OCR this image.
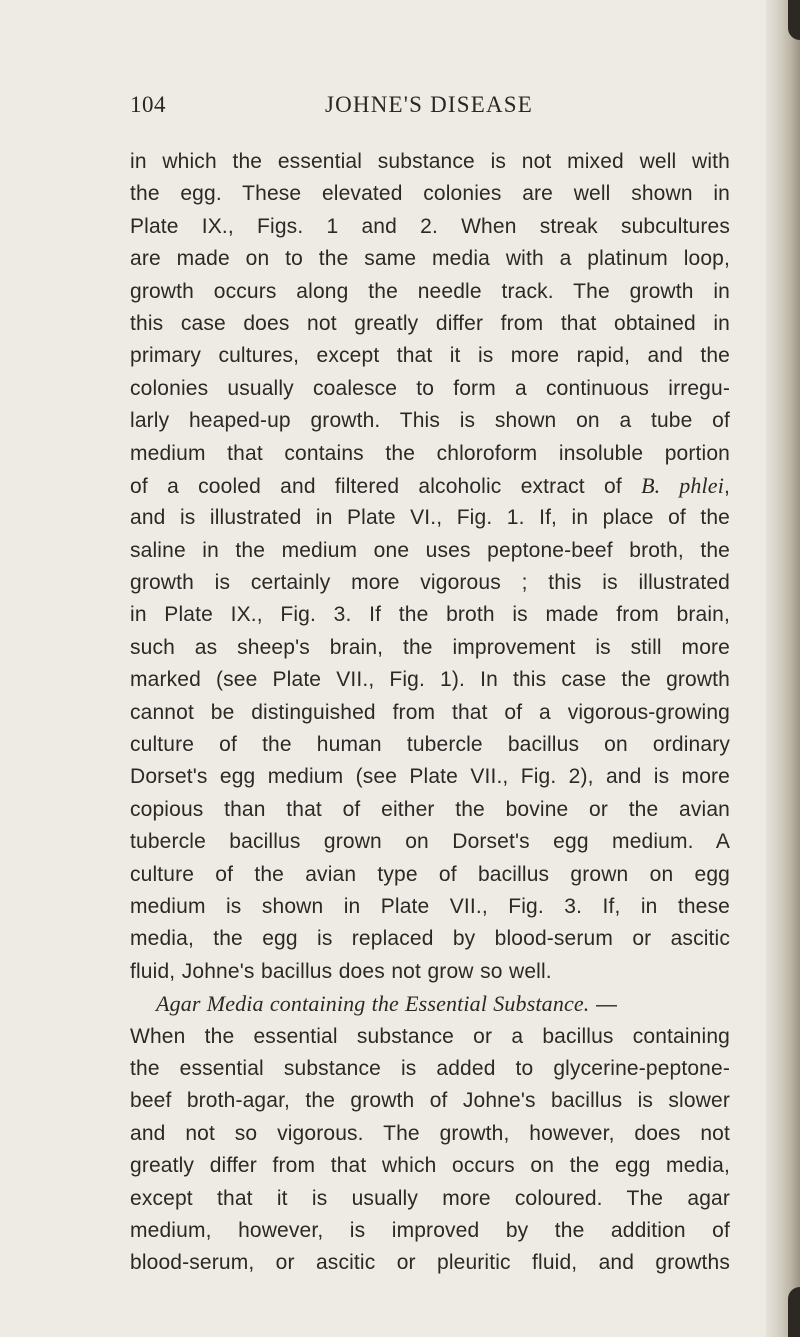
104	JOHNE'S DISEASE
in which the essential substance is not mixed well with
the egg. These elevated colonies are well shown in
Plate IX., Figs. 1 and 2. When streak subcultures
are made on to the same media with a platinum loop,
growth occurs along the needle track. The growth in
this case does not greatly differ from that obtained in
primary cultures, except that it is more rapid, and the
colonies usually coalesce to form a continuous irregu-
larly heaped-up growth. This is shown on a tube of
medium that contains the chloroform insoluble portion
of a cooled and filtered alcoholic extract of B. phlei,
and is illustrated in Plate VI., Fig. 1. If, in place of the
saline in the medium one uses peptone-beef broth, the
growth is certainly more vigorous ; this is illustrated
in Plate IX., Fig. 3. If the broth is made from brain,
such as sheep's brain, the improvement is still more
marked (see Plate VII., Fig. 1). In this case the growth
cannot be distinguished from that of a vigorous-growing
culture of the human tubercle bacillus on ordinary
Dorset's egg medium (see Plate VII., Fig. 2), and is more
copious than that of either the bovine or the avian
tubercle bacillus grown on Dorset's egg medium. A
culture of the avian type of bacillus grown on egg
medium is shown in Plate VII., Fig. 3. If, in these
media, the egg is replaced by blood-serum or ascitic
fluid, Johne's bacillus does not grow so well.
Agar Media containing the Essential Substance. —
When the essential substance or a bacillus containing
the essential substance is added to glycerine-peptone-
beef broth-agar, the growth of Johne's bacillus is slower
and not so vigorous. The growth, however, does not
greatly differ from that which occurs on the egg media,
except that it is usually more coloured. The agar
medium, however, is improved by the addition of
blood-serum, or ascitic or pleuritic fluid, and growths
